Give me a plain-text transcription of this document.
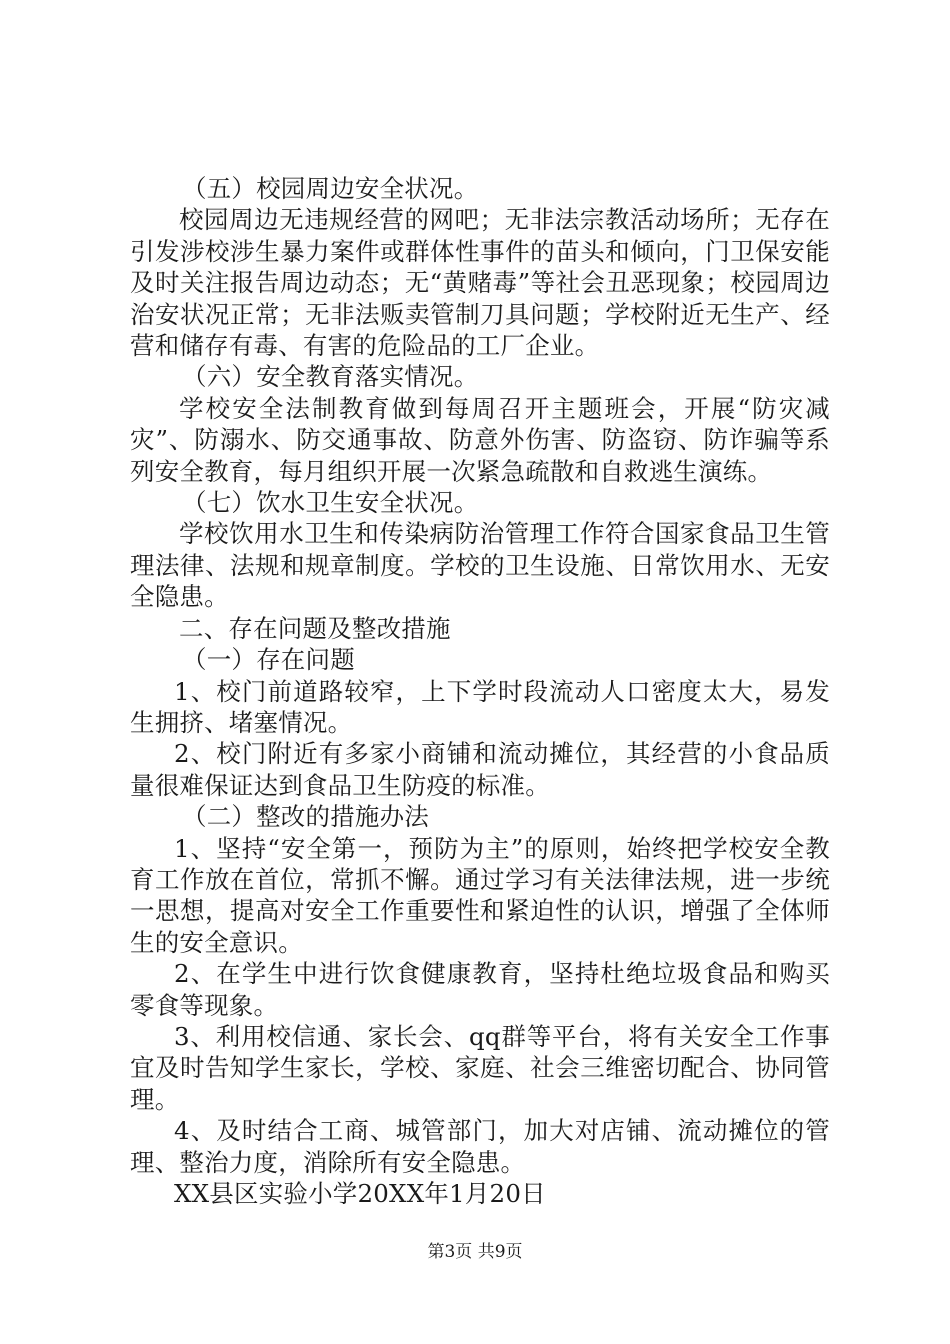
（五）校园周边安全状况。

校园周边无违规经营的网吧；无非法宗教活动场所；无存在引发涉校涉生暴力案件或群体性事件的苗头和倾向，门卫保安能及时关注报告周边动态；无“黄赌毒”等社会丑恶现象；校园周边治安状况正常；无非法贩卖管制刀具问题；学校附近无生产、经营和储存有毒、有害的危险品的工厂企业。

（六）安全教育落实情况。

学校安全法制教育做到每周召开主题班会，开展“防灾减灾”、防溺水、防交通事故、防意外伤害、防盗窃、防诈骗等系列安全教育，每月组织开展一次紧急疏散和自救逃生演练。

（七）饮水卫生安全状况。

学校饮用水卫生和传染病防治管理工作符合国家食品卫生管理法律、法规和规章制度。学校的卫生设施、日常饮用水、无安全隐患。

二、存在问题及整改措施

（一）存在问题

1、校门前道路较窄，上下学时段流动人口密度太大，易发生拥挤、堵塞情况。

2、校门附近有多家小商铺和流动摊位，其经营的小食品质量很难保证达到食品卫生防疫的标准。

（二）整改的措施办法

1、坚持“安全第一，预防为主”的原则，始终把学校安全教育工作放在首位，常抓不懈。通过学习有关法律法规，进一步统一思想，提高对安全工作重要性和紧迫性的认识，增强了全体师生的安全意识。

2、在学生中进行饮食健康教育，坚持杜绝垃圾食品和购买零食等现象。

3、利用校信通、家长会、qq群等平台，将有关安全工作事宜及时告知学生家长，学校、家庭、社会三维密切配合、协同管理。

4、及时结合工商、城管部门，加大对店铺、流动摊位的管理、整治力度，消除所有安全隐患。

XX县区实验小学20XX年1月20日

第3页 共9页
